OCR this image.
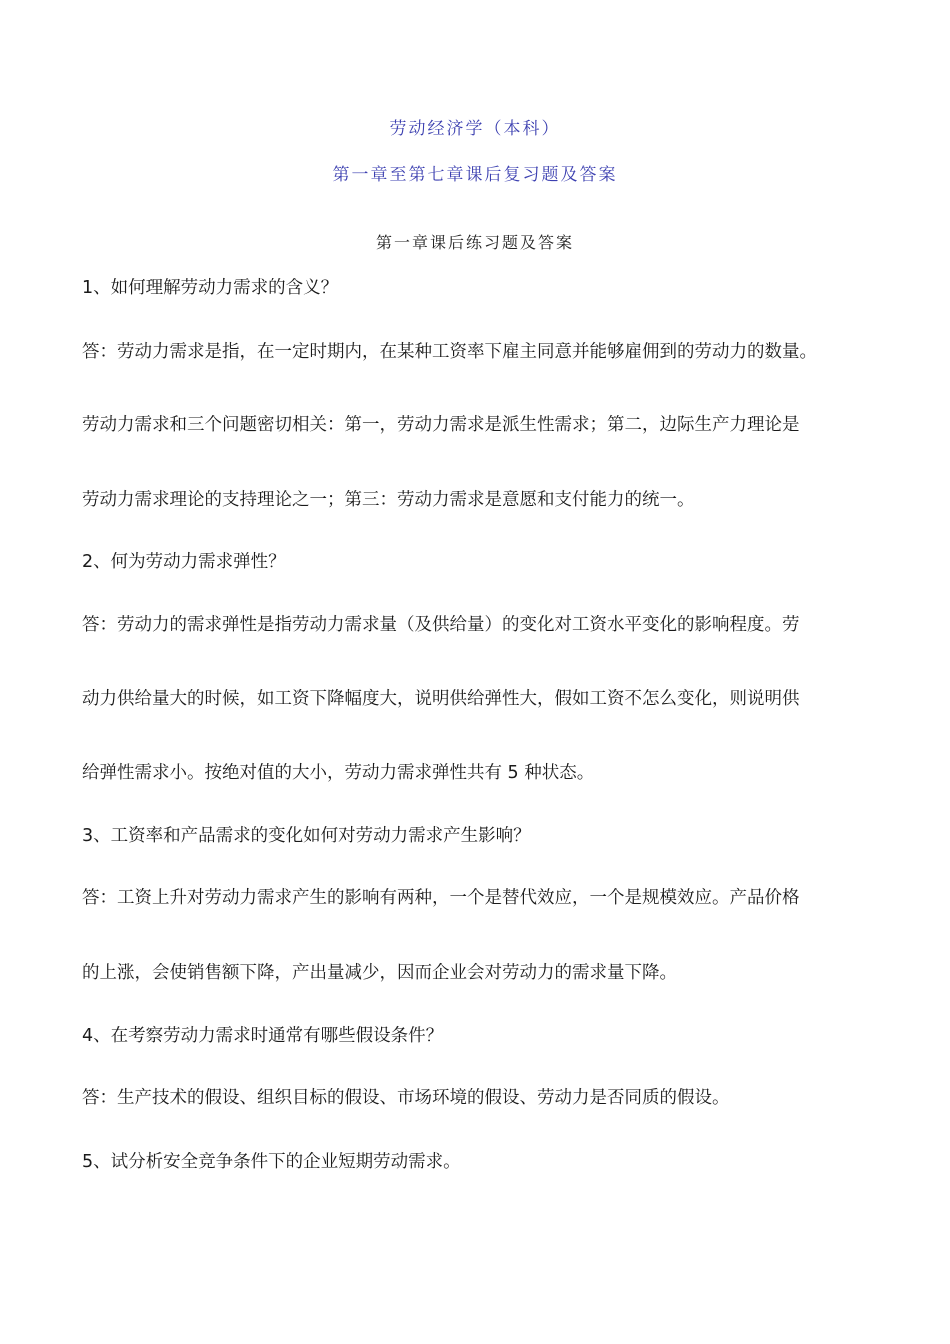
劳动经济学（本科）
第一章至第七章课后复习题及答案
第一章课后练习题及答案
1、如何理解劳动力需求的含义？
答：劳动力需求是指，在一定时期内，在某种工资率下雇主同意并能够雇佣到的劳动力的数量。
劳动力需求和三个问题密切相关：第一，劳动力需求是派生性需求；第二，边际生产力理论是
劳动力需求理论的支持理论之一；第三：劳动力需求是意愿和支付能力的统一。
2、何为劳动力需求弹性？
答：劳动力的需求弹性是指劳动力需求量（及供给量）的变化对工资水平变化的影响程度。劳
动力供给量大的时候，如工资下降幅度大，说明供给弹性大，假如工资不怎么变化，则说明供
给弹性需求小。按绝对值的大小，劳动力需求弹性共有 5 种状态。
3、工资率和产品需求的变化如何对劳动力需求产生影响？
答：工资上升对劳动力需求产生的影响有两种，一个是替代效应，一个是规模效应。产品价格
的上涨，会使销售额下降，产出量减少，因而企业会对劳动力的需求量下降。
4、在考察劳动力需求时通常有哪些假设条件？
答：生产技术的假设、组织目标的假设、市场环境的假设、劳动力是否同质的假设。
5、试分析安全竞争条件下的企业短期劳动需求。
